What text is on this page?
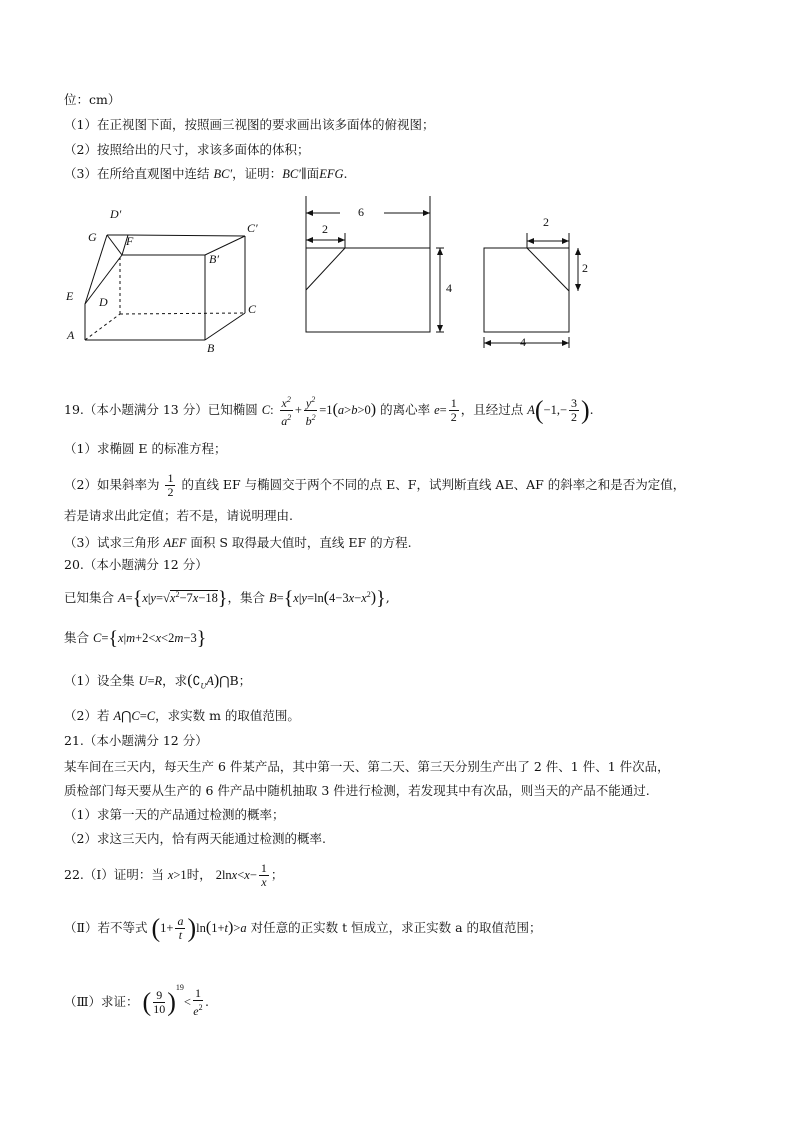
位：cm）
（1）在正视图下面，按照画三视图的要求画出该多面体的俯视图；
（2）按照给出的尺寸，求该多面体的体积；
（3）在所给直观图中连结 BC′，证明：BC′∥面EFG.
D′
G F
C′
B′
E D	C
A
B
6
2
4
2
2
4
19.（本小题满分 13 分）已知椭圆 C: $\frac{x^2}{a^2} + \frac{y^2}{b^2} =1(a>b>0)$ 的离心率 $e= \frac{1}{2}$ ，且经过点 $A(-1,- \frac{3}{2}$ ).
（1）求椭圆 E 的标准方程；
（2）如果斜率为 $\frac{1}{2}$ 的直线 EF 与椭圆交于两个不同的点 E、F，试判断直线 AE、AF 的斜率之和是否为定值，
若是请求出此定值；若不是，请说明理由.
（3）试求三角形 AEF 面积 S 取得最大值时，直线 EF 的方程.
20.（本小题满分 12 分）
已知集合 $A=\{x|y=√x^2-7x-18\}$，集合 $B=\{x|y=\ln(4-3x-x^2)\}$,
集合 C={x|m+2<x<2m−3}
（1）设全集 U=R，求$(∁_UA)⋂B$；
（2）若 A⋂C=C，求实数 m 的取值范围。
21.（本小题满分 12 分）
某车间在三天内，每天生产 6 件某产品，其中第一天、第二天、第三天分别生产出了 2 件、1 件、1 件次品，
质检部门每天要从生产的 6 件产品中随机抽取 3 件进行检测，若发现其中有次品，则当天的产品不能通过.
（1）求第一天的产品通过检测的概率；
（2）求这三天内，恰有两天能通过检测的概率.
22.（Ⅰ）证明：当 x>1时， $2\ln x<x- \frac{1}{x}$ ；
（Ⅱ）若不等式 $(1+ \frac{a}{t} )\ln(1+t)>a$ 对任意的正实数 t 恒成立，求正实数 a 的取值范围；
（Ⅲ）求证： ( $\frac{9}{10} )^{19}< \frac{1}{e^2}$ .
